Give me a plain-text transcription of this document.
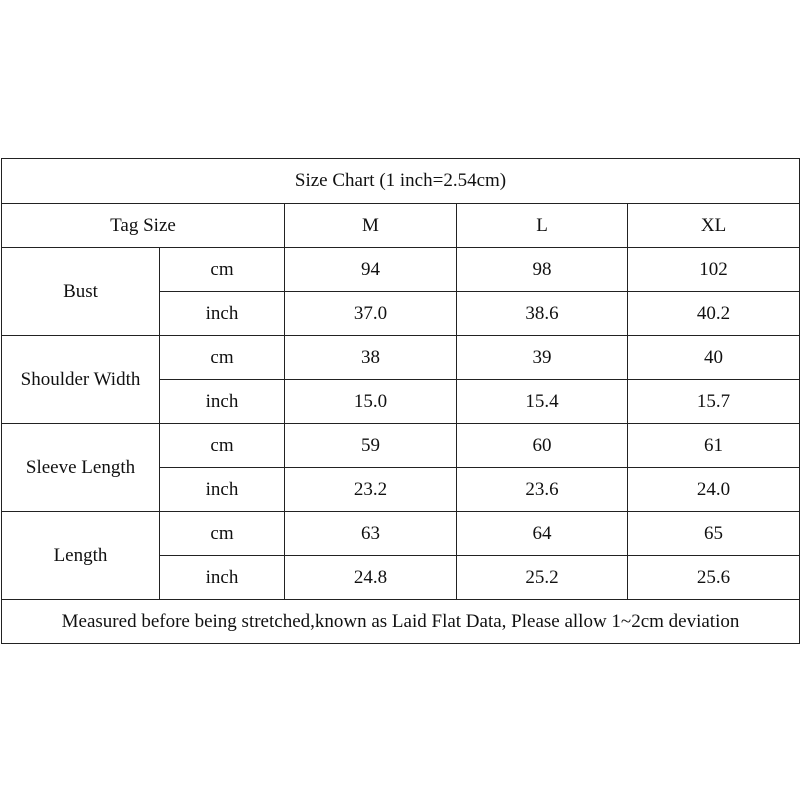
Size Chart (1 inch=2.54cm)				
Tag Size		M	L	XL
Bust	cm	94	98	102
	inch	37.0	38.6	40.2
Shoulder Width	cm	38	39	40
	inch	15.0	15.4	15.7
Sleeve Length	cm	59	60	61
	inch	23.2	23.6	24.0
Length	cm	63	64	65
	inch	24.8	25.2	25.6
Measured before being stretched,known as Laid Flat Data, Please allow 1~2cm deviation				
